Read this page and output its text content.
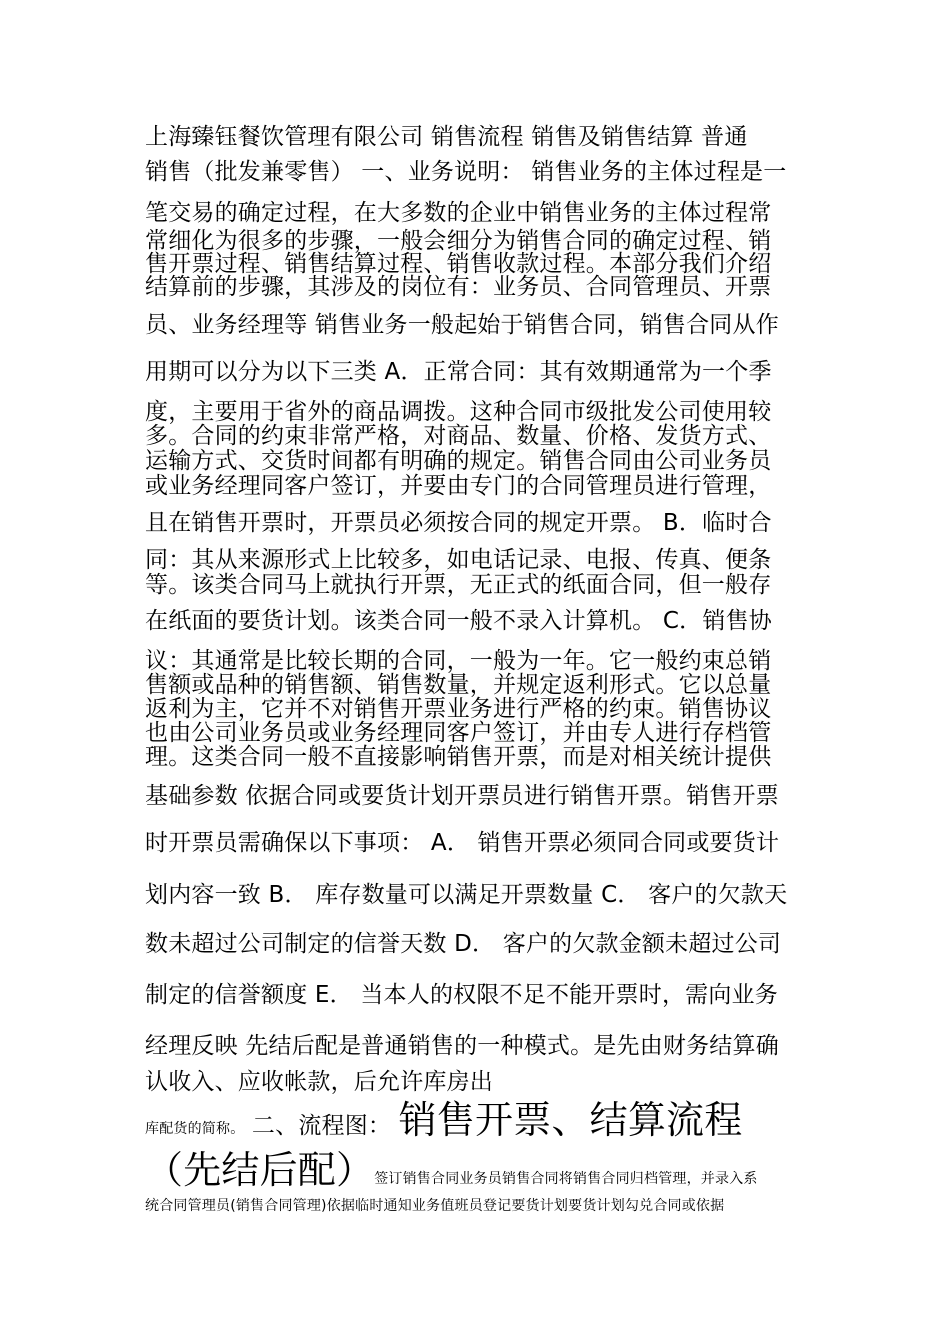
上海臻钰餐饮管理有限公司 销售流程 销售及销售结算 普通
销售（批发兼零售） 一、业务说明： 销售业务的主体过程是一
笔交易的确定过程，在大多数的企业中销售业务的主体过程常
常细化为很多的步骤，一般会细分为销售合同的确定过程、销
售开票过程、销售结算过程、销售收款过程。本部分我们介绍
结算前的步骤，其涉及的岗位有：业务员、合同管理员、开票
员、业务经理等 销售业务一般起始于销售合同，销售合同从作
用期可以分为以下三类 A．正常合同：其有效期通常为一个季
度，主要用于省外的商品调拨。这种合同市级批发公司使用较
多。合同的约束非常严格，对商品、数量、价格、发货方式、
运输方式、交货时间都有明确的规定。销售合同由公司业务员
或业务经理同客户签订，并要由专门的合同管理员进行管理，
且在销售开票时，开票员必须按合同的规定开票。 B．临时合
同：其从来源形式上比较多，如电话记录、电报、传真、便条
等。该类合同马上就执行开票，无正式的纸面合同，但一般存
在纸面的要货计划。该类合同一般不录入计算机。 C．销售协
议：其通常是比较长期的合同，一般为一年。它一般约束总销
售额或品种的销售额、销售数量，并规定返利形式。它以总量
返利为主，它并不对销售开票业务进行严格的约束。销售协议
也由公司业务员或业务经理同客户签订，并由专人进行存档管
理。这类合同一般不直接影响销售开票，而是对相关统计提供
基础参数 依据合同或要货计划开票员进行销售开票。销售开票
时开票员需确保以下事项： A． 销售开票必须同合同或要货计
划内容一致 B． 库存数量可以满足开票数量 C． 客户的欠款天
数未超过公司制定的信誉天数 D． 客户的欠款金额未超过公司
制定的信誉额度 E． 当本人的权限不足不能开票时，需向业务
经理反映 先结后配是普通销售的一种模式。是先由财务结算确
认收入、应收帐款，后允许库房出
库配货的简称。 二、流程图： 销售开票、结算流程
（先结后配）签订销售合同业务员销售合同将销售合同归档管理，并录入系
统合同管理员(销售合同管理)依据临时通知业务值班员登记要货计划要货计划勾兑合同或依据
